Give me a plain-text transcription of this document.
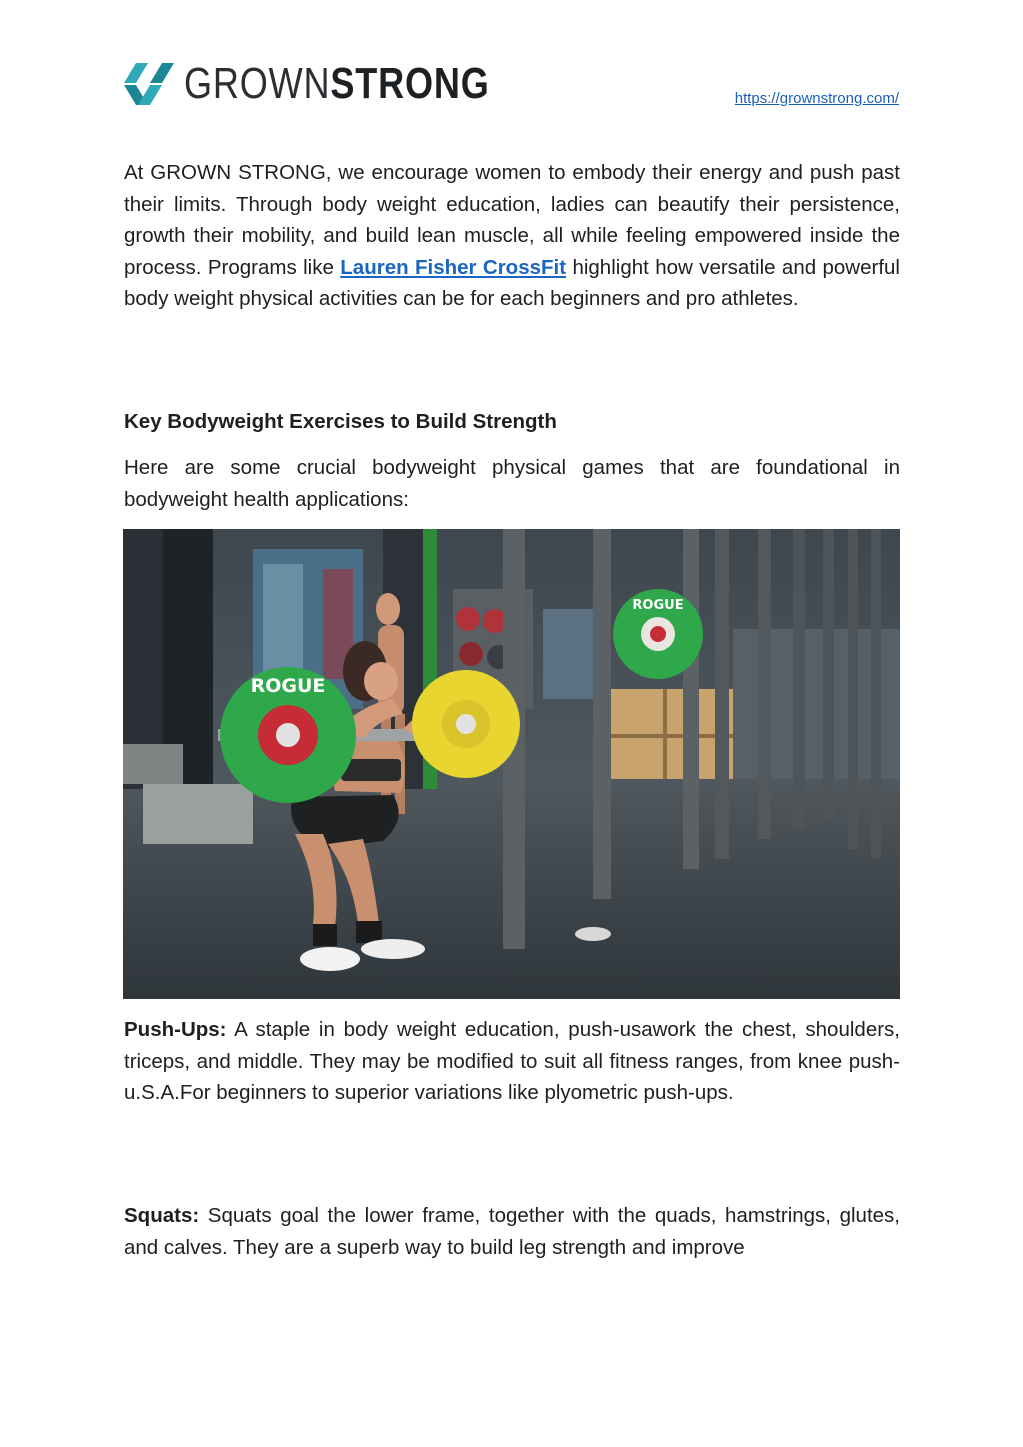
GROWNSTRONG	https://grownstrong.com/

At GROWN STRONG, we encourage women to embody their energy and push past their limits. Through body weight education, ladies can beautify their persistence, growth their mobility, and build lean muscle, all while feeling empowered inside the process. Programs like Lauren Fisher CrossFit highlight how versatile and powerful body weight physical activities can be for each beginners and pro athletes.

Key Bodyweight Exercises to Build Strength

Here are some crucial bodyweight physical games that are foundational in bodyweight health applications:

ROGUE
ROGUE

Push-Ups: A staple in body weight education, push-usawork the chest, shoulders, triceps, and middle. They may be modified to suit all fitness ranges, from knee push-u.S.A.For beginners to superior variations like plyometric push-ups.

Squats: Squats goal the lower frame, together with the quads, hamstrings, glutes, and calves. They are a superb way to build leg strength and improve
